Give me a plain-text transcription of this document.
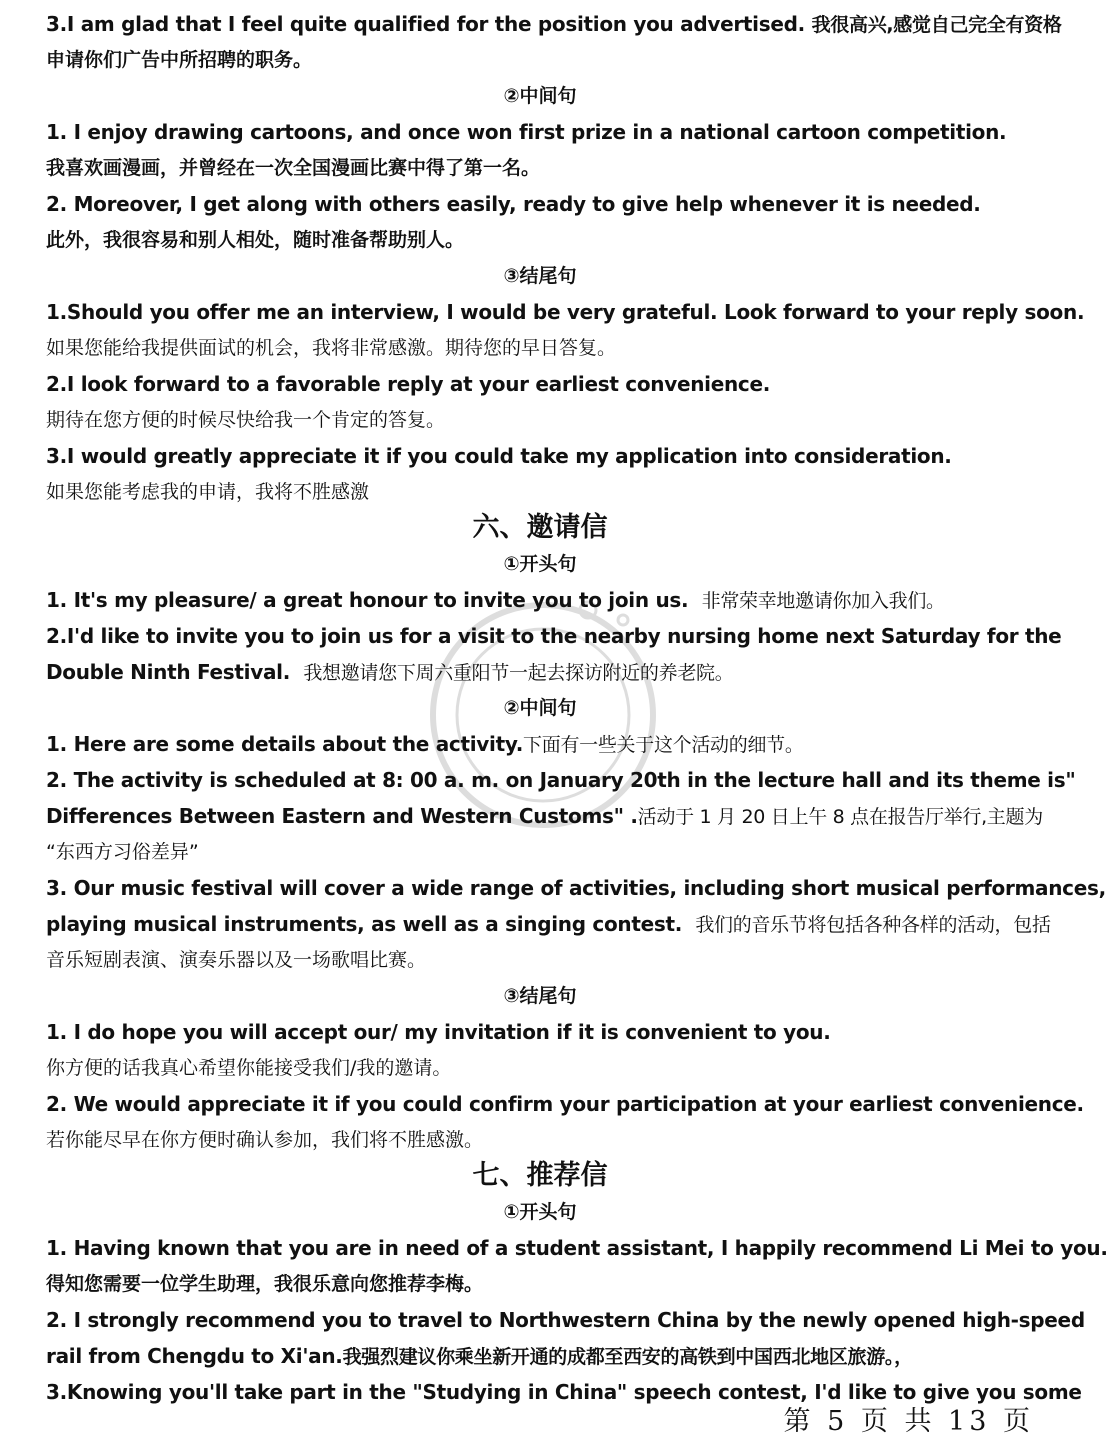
3.I am glad that I feel quite qualified for the position you advertised. 我很高兴,感觉自己完全有资格
申请你们广告中所招聘的职务。
②中间句
1. I enjoy drawing cartoons, and once won first prize in a national cartoon competition.
我喜欢画漫画，并曾经在一次全国漫画比赛中得了第一名。
2. Moreover, I get along with others easily, ready to give help whenever it is needed.
此外，我很容易和别人相处，随时准备帮助别人。
③结尾句
1.Should you offer me an interview, I would be very grateful. Look forward to your reply soon.
如果您能给我提供面试的机会，我将非常感激。期待您的早日答复。
2.I look forward to a favorable reply at your earliest convenience.
期待在您方便的时候尽快给我一个肯定的答复。
3.I would greatly appreciate it if you could take my application into consideration.
如果您能考虑我的申请，我将不胜感激
六、邀请信
①开头句
1. It's my pleasure/ a great honour to invite you to join us. 非常荣幸地邀请你加入我们。
2.I'd like to invite you to join us for a visit to the nearby nursing home next Saturday for the
Double Ninth Festival. 我想邀请您下周六重阳节一起去探访附近的养老院。
②中间句
1. Here are some details about the activity.下面有一些关于这个活动的细节。
2. The activity is scheduled at 8: 00 a. m. on January 20th in the lecture hall and its theme is"
Differences Between Eastern and Western Customs" .活动于 1 月 20 日上午 8 点在报告厅举行,主题为
“东西方习俗差异”
3. Our music festival will cover a wide range of activities, including short musical performances,
playing musical instruments, as well as a singing contest. 我们的音乐节将包括各种各样的活动，包括
音乐短剧表演、演奏乐器以及一场歌唱比赛。
③结尾句
1. I do hope you will accept our/ my invitation if it is convenient to you.
你方便的话我真心希望你能接受我们/我的邀请。
2. We would appreciate it if you could confirm your participation at your earliest convenience.
若你能尽早在你方便时确认参加，我们将不胜感激。
七、推荐信
①开头句
1. Having known that you are in need of a student assistant, I happily recommend Li Mei to you.
得知您需要一位学生助理，我很乐意向您推荐李梅。
2. I strongly recommend you to travel to Northwestern China by the newly opened high-speed
rail from Chengdu to Xi'an.我强烈建议你乘坐新开通的成都至西安的高铁到中国西北地区旅游。，
3.Knowing you'll take part in the "Studying in China" speech contest, I'd like to give you some
第 5 页 共 13 页
